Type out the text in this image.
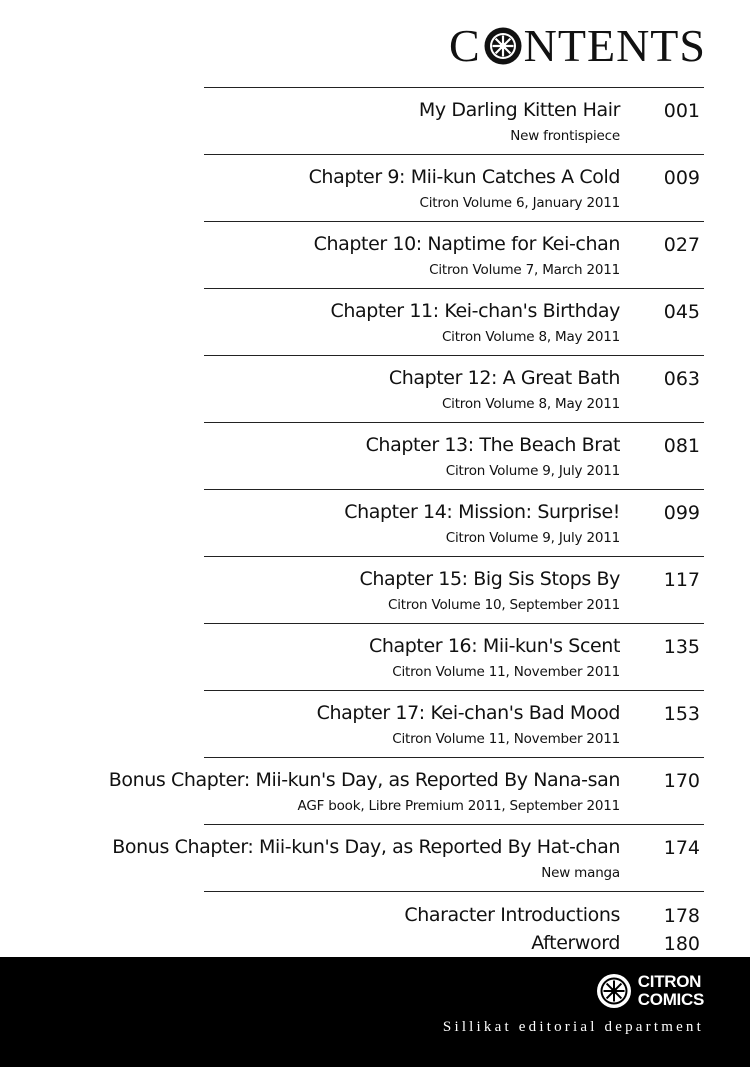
C NTENTS
My Darling Kitten Hair
New frontispiece
001
Chapter 9: Mii-kun Catches A Cold
Citron Volume 6, January 2011
009
Chapter 10: Naptime for Kei-chan
Citron Volume 7, March 2011
027
Chapter 11: Kei-chan's Birthday
Citron Volume 8, May 2011
045
Chapter 12: A Great Bath
Citron Volume 8, May 2011
063
Chapter 13: The Beach Brat
Citron Volume 9, July 2011
081
Chapter 14: Mission: Surprise!
Citron Volume 9, July 2011
099
Chapter 15: Big Sis Stops By
Citron Volume 10, September 2011
117
Chapter 16: Mii-kun's Scent
Citron Volume 11, November 2011
135
Chapter 17: Kei-chan's Bad Mood
Citron Volume 11, November 2011
153
Bonus Chapter: Mii-kun's Day, as Reported By Nana-san
AGF book, Libre Premium 2011, September 2011
170
Bonus Chapter: Mii-kun's Day, as Reported By Hat-chan
New manga
174
Character Introductions 178
Afterword 180
CITRON
COMICS
Sillikat editorial department
